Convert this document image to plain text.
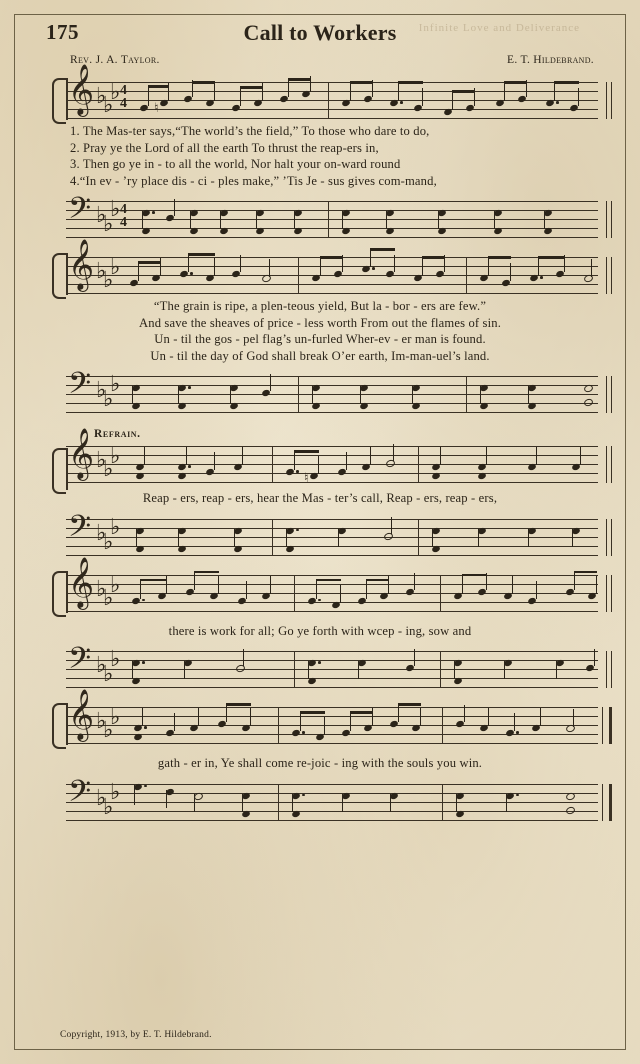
175	Call to Workers	Infinite Love and Deliverance
Rev. J. A. Taylor.	E. T. Hildebrand.
𝄞 ♭
♭
♭ 4
4 ♮
1. The Mas-ter says,“The world’s the field,” To those who dare to do,
2. Pray ye the Lord of all the earth To thrust the reap-ers in,
3. Then go ye in - to all the world, Nor halt your on-ward round
4.“In ev - ’ry place dis - ci - ples make,” ’Tis Je - sus gives com-mand,
𝄢 ♭
♭
♭ 4
4
𝄞 ♭
♭
♭
“The grain is ripe, a plen-teous yield, But la - bor - ers are few.”
And save the sheaves of price - less worth From out the flames of sin.
Un - til the gos - pel flag’s un-furled Wher-ev - er man is found.
Un - til the day of God shall break O’er earth, Im-man-uel’s land.
𝄢 ♭
♭
♭
Refrain.
𝄞 ♭
♭
♭
♮
Reap - ers, reap - ers, hear the Mas - ter’s call, Reap - ers, reap - ers,
𝄢 ♭
♭
♭
𝄞 ♭
♭
♭
there is work for all; Go ye forth with wcep - ing, sow and
𝄢 ♭
♭
♭
𝄞 ♭
♭
♭
gath - er in, Ye shall come re-joic - ing with the souls you win.
𝄢 ♭
♭
♭
Copyright, 1913, by E. T. Hildebrand.
